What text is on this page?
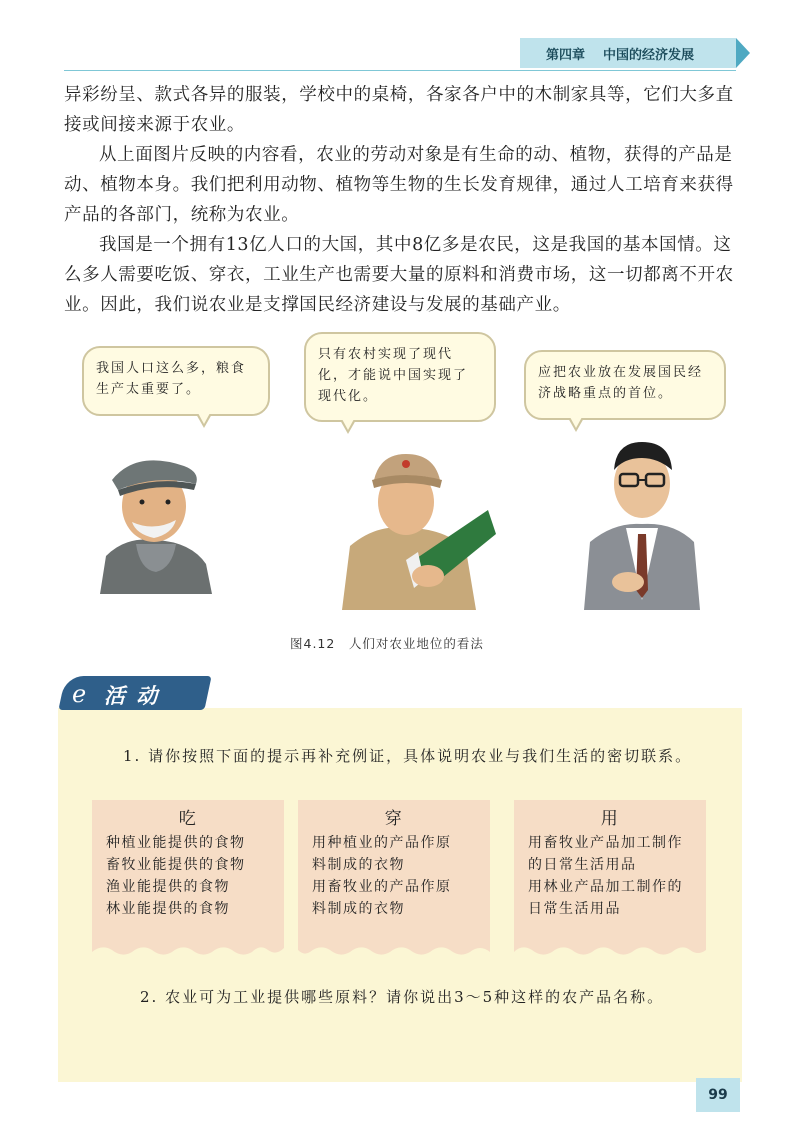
第四章 中国的经济发展

异彩纷呈、款式各异的服装，学校中的桌椅，各家各户中的木制家具等，它们大多直接或间接来源于农业。

从上面图片反映的内容看，农业的劳动对象是有生命的动、植物，获得的产品是动、植物本身。我们把利用动物、植物等生物的生长发育规律，通过人工培育来获得产品的各部门，统称为农业。

我国是一个拥有13亿人口的大国，其中8亿多是农民，这是我国的基本国情。这么多人需要吃饭、穿衣，工业生产也需要大量的原料和消费市场，这一切都离不开农业。因此，我们说农业是支撑国民经济建设与发展的基础产业。

我国人口这么多，粮食生产太重要了。
只有农村实现了现代化，才能说中国实现了现代化。
应把农业放在发展国民经济战略重点的首位。
图4.12　人们对农业地位的看法
ℯ 活 动
1. 请你按照下面的提示再补充例证，具体说明农业与我们生活的密切联系。
吃
种植业能提供的食物
畜牧业能提供的食物
渔业能提供的食物
林业能提供的食物
穿
用种植业的产品作原
料制成的衣物
用畜牧业的产品作原
料制成的衣物
用
用畜牧业产品加工制作
的日常生活用品
用林业产品加工制作的
日常生活用品
2. 农业可为工业提供哪些原料？请你说出3～5种这样的农产品名称。
99
